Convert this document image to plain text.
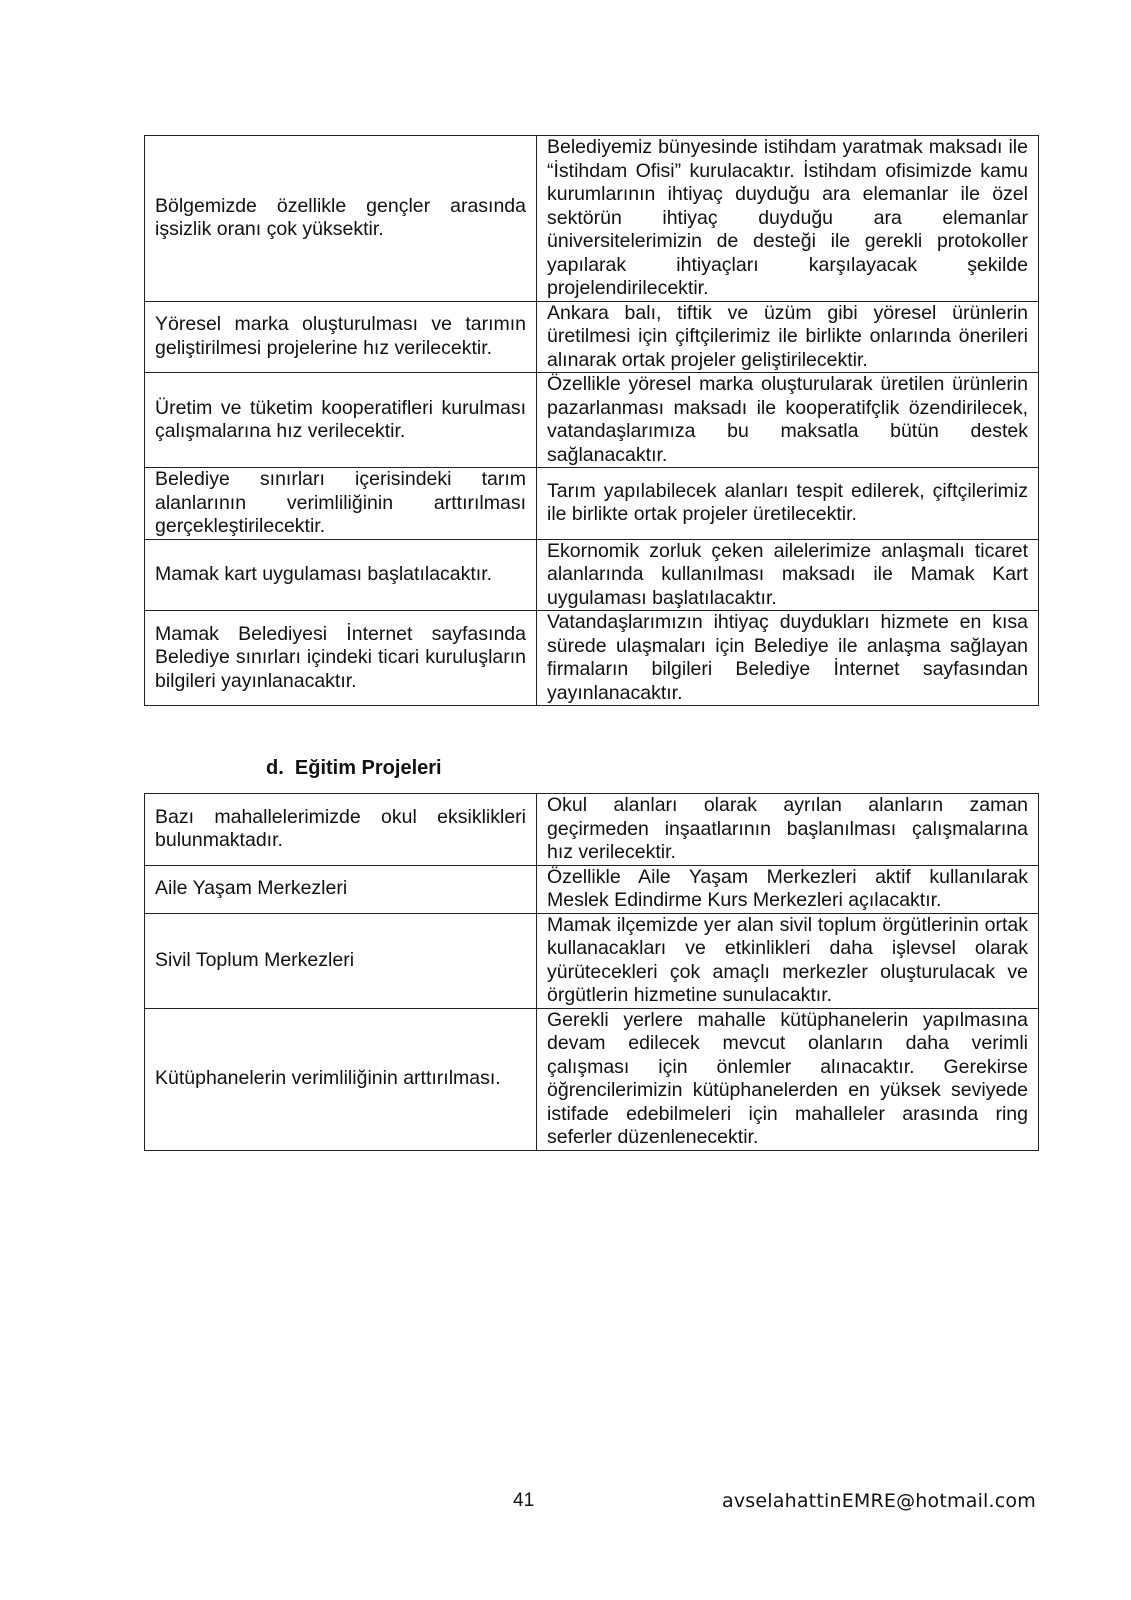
Bölgemizde özellikle gençler arasında işsizlik oranı çok yüksektir.	Belediyemiz bünyesinde istihdam yaratmak maksadı ile “İstihdam Ofisi” kurulacaktır. İstihdam ofisimizde kamu kurumlarının ihtiyaç duyduğu ara elemanlar ile özel sektörün ihtiyaç duyduğu ara elemanlar üniversitelerimizin de desteği ile gerekli protokoller yapılarak ihtiyaçları karşılayacak şekilde projelendirilecektir.
Yöresel marka oluşturulması ve tarımın geliştirilmesi projelerine hız verilecektir.	Ankara balı, tiftik ve üzüm gibi yöresel ürünlerin üretilmesi için çiftçilerimiz ile birlikte onlarında önerileri alınarak ortak projeler geliştirilecektir.
Üretim ve tüketim kooperatifleri kurulması çalışmalarına hız verilecektir.	Özellikle yöresel marka oluşturularak üretilen ürünlerin pazarlanması maksadı ile kooperatifçlik özendirilecek, vatandaşlarımıza bu maksatla bütün destek sağlanacaktır.
Belediye sınırları içerisindeki tarım alanlarının verimliliğinin arttırılması gerçekleştirilecektir.	Tarım yapılabilecek alanları tespit edilerek, çiftçilerimiz ile birlikte ortak projeler üretilecektir.
Mamak kart uygulaması başlatılacaktır.	Ekornomik zorluk çeken ailelerimize anlaşmalı ticaret alanlarında kullanılması maksadı ile Mamak Kart uygulaması başlatılacaktır.
Mamak Belediyesi İnternet sayfasında Belediye sınırları içindeki ticari kuruluşların bilgileri yayınlanacaktır.	Vatandaşlarımızın ihtiyaç duydukları hizmete en kısa sürede ulaşmaları için Belediye ile anlaşma sağlayan firmaların bilgileri Belediye İnternet sayfasından yayınlanacaktır.
d.  Eğitim Projeleri
Bazı mahallelerimizde okul eksiklikleri bulunmaktadır.	Okul alanları olarak ayrılan alanların zaman geçirmeden inşaatlarının başlanılması çalışmalarına hız verilecektir.
Aile Yaşam Merkezleri	Özellikle Aile Yaşam Merkezleri aktif kullanılarak Meslek Edindirme Kurs Merkezleri açılacaktır.
Sivil Toplum Merkezleri	Mamak ilçemizde yer alan sivil toplum örgütlerinin ortak kullanacakları ve etkinlikleri daha işlevsel olarak yürütecekleri çok amaçlı merkezler oluşturulacak ve örgütlerin hizmetine sunulacaktır.
Kütüphanelerin verimliliğinin arttırılması.	Gerekli yerlere mahalle kütüphanelerin yapılmasına devam edilecek mevcut olanların daha verimli çalışması için önlemler alınacaktır. Gerekirse öğrencilerimizin kütüphanelerden en yüksek seviyede istifade edebilmeleri için mahalleler arasında ring seferler düzenlenecektir.
41	avselahattinEMRE@hotmail.com
